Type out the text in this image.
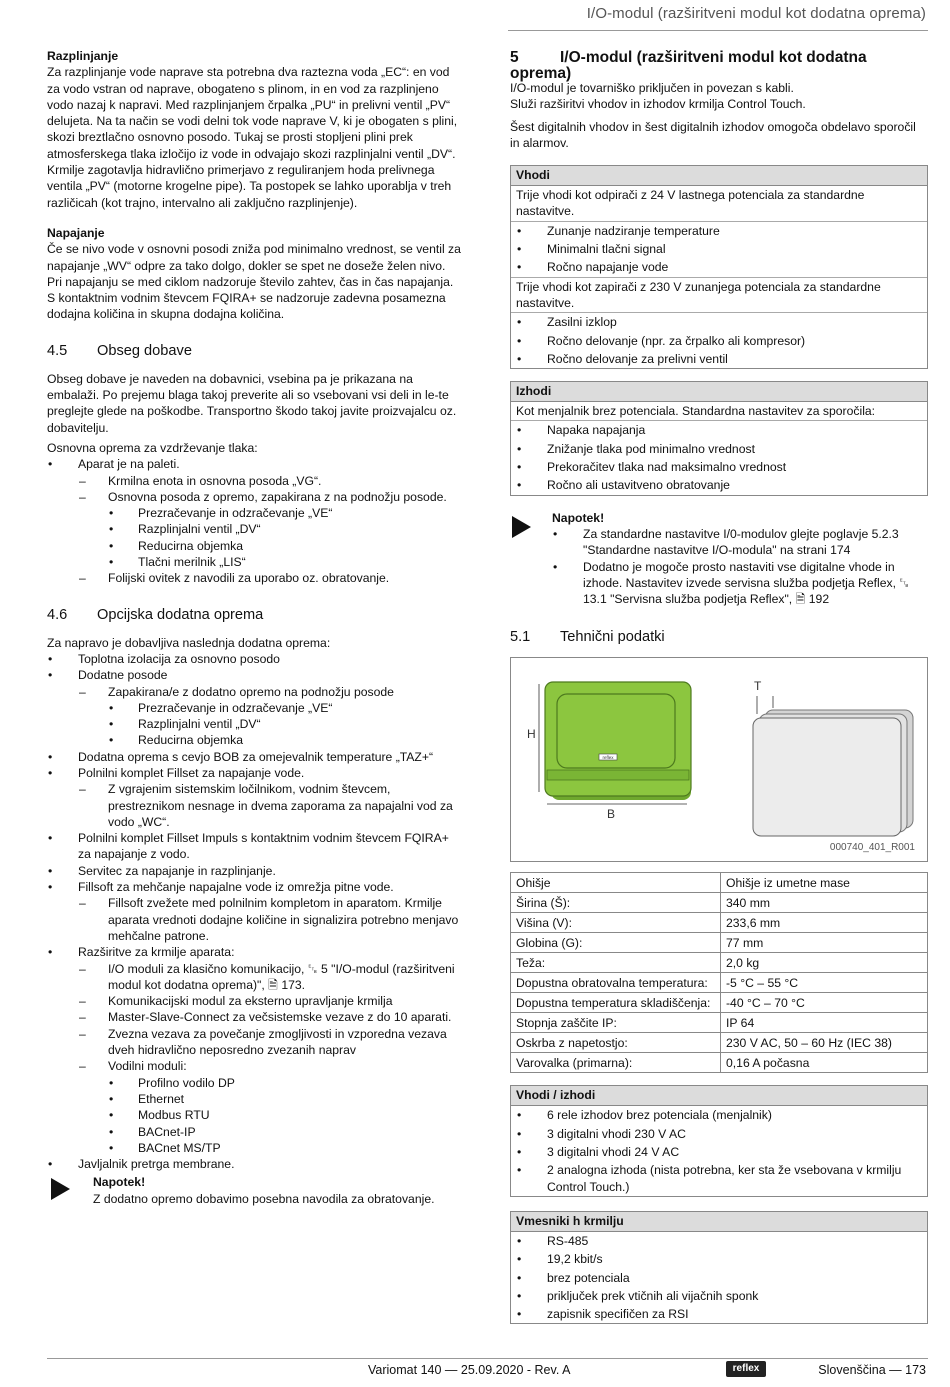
I/O-modul (razširitveni modul kot dodatna oprema)

Razplinjanje

Za razplinjanje vode naprave sta potrebna dva raztezna voda „EC“: en vod za vodo vstran od naprave, obogateno s plinom, in en vod za razplinjeno vodo nazaj k napravi. Med razplinjanjem črpalka „PU“ in prelivni ventil „PV“ delujeta. Na ta način se vodi delni tok vode naprave V, ki je obogaten s plini, skozi breztlačno osnovno posodo. Tukaj se prosti stopljeni plini prek atmosferskega tlaka izločijo iz vode in odvajajo skozi razplinjalni ventil „DV“. Krmilje zagotavlja hidravlično primerjavo z reguliranjem hoda prelivnega ventila „PV“ (motorne krogelne pipe). Ta postopek se lahko uporablja v treh različicah (kot trajno, intervalno ali zaključno razplinjenje).

Napajanje

Če se nivo vode v osnovni posodi zniža pod minimalno vrednost, se ventil za napajanje „WV“ odpre za tako dolgo, dokler se spet ne doseže želen nivo. Pri napajanju se med ciklom nadzoruje število zahtev, čas in čas napajanja. S kontaktnim vodnim števcem FQIRA+ se nadzoruje zadevna posamezna dodajna količina in skupna dodajna količina.

4.5 Obseg dobave

Obseg dobave je naveden na dobavnici, vsebina pa je prikazana na embalaži. Po prejemu blaga takoj preverite ali so vsebovani vsi deli in le-te preglejte glede na poškodbe. Transportno škodo takoj javite proizvajalcu oz. dobavitelju.

Osnovna oprema za vzdrževanje tlaka:

• Aparat je na paleti.
– Krmilna enota in osnovna posoda „VG“.
– Osnovna posoda z opremo, zapakirana z na podnožju posode.
• Prezračevanje in odzračevanje „VE“
• Razplinjalni ventil „DV“
• Reducirna objemka
• Tlačni merilnik „LIS“
– Folijski ovitek z navodili za uporabo oz. obratovanje.
4.6 Opcijska dodatna oprema

Za napravo je dobavljiva naslednja dodatna oprema:

• Toplotna izolacija za osnovno posodo
• Dodatne posode
– Zapakirana/e z dodatno opremo na podnožju posode
• Prezračevanje in odzračevanje „VE“
• Razplinjalni ventil „DV“
• Reducirna objemka
• Dodatna oprema s cevjo BOB za omejevalnik temperature „TAZ+“
• Polnilni komplet Fillset za napajanje vode.
– Z vgrajenim sistemskim ločilnikom, vodnim števcem, prestreznikom nesnage in dvema zaporama za napajalni vod za vodo „WC“.
• Polnilni komplet Fillset Impuls s kontaktnim vodnim števcem FQIRA+ za napajanje z vodo.
• Servitec za napajanje in razplinjanje.
• Fillsoft za mehčanje napajalne vode iz omrežja pitne vode.
– Fillsoft zvežete med polnilnim kompletom in aparatom. Krmilje aparata vrednoti dodajne količine in signalizira potrebno menjavo mehčalne patrone.
• Razširitve za krmilje aparata:
– I/O moduli za klasično komunikacijo, ␗ 5 "I/O-modul (razširitveni modul kot dodatna oprema)", 🗎 173.
– Komunikacijski modul za eksterno upravljanje krmilja
– Master-Slave-Connect za večsistemske vezave z do 10 aparati.
– Zvezna vezava za povečanje zmogljivosti in vzporedna vezava dveh hidravlično neposredno zvezanih naprav
– Vodilni moduli:
• Profilno vodilo DP
• Ethernet
• Modbus RTU
• BACnet-IP
• BACnet MS/TP
• Javljalnik pretrga membrane.

Napotek!

Z dodatno opremo dobavimo posebna navodila za obratovanje.

5	I/O-modul (razširitveni modul kot dodatna oprema)

I/O-modul je tovarniško priključen in povezan s kabli.
Služi razširitvi vhodov in izhodov krmilja Control Touch.

Šest digitalnih vhodov in šest digitalnih izhodov omogoča obdelavo sporočil in alarmov.

Vhodi
Trije vhodi kot odpirači z 24 V lastnega potenciala za standardne nastavitve.
• Zunanje nadziranje temperature
• Minimalni tlačni signal
• Ročno napajanje vode
Trije vhodi kot zapirači z 230 V zunanjega potenciala za standardne nastavitve.
• Zasilni izklop
• Ročno delovanje (npr. za črpalko ali kompresor)
• Ročno delovanje za prelivni ventil
Izhodi
Kot menjalnik brez potenciala. Standardna nastavitev za sporočila:
• Napaka napajanja
• Znižanje tlaka pod minimalno vrednost
• Prekoračitev tlaka nad maksimalno vrednost
• Ročno ali ustavitveno obratovanje

Napotek!

• Za standardne nastavitve I/0-modulov glejte poglavje 5.2.3 "Standardne nastavitve I/O-modula" na strani 174
• Dodatno je mogoče prosto nastaviti vse digitalne vhode in izhode. Nastavitev izvede servisna služba podjetja Reflex, ␗ 13.1 "Servisna služba podjetja Reflex", 🗎 192
5.1 Tehnični podatki
reflex
H
B
T
000740_401_R001
Ohišje	Ohišje iz umetne mase
Širina (Š):	340 mm
Višina (V):	233,6 mm
Globina (G):	77 mm
Teža:	2,0 kg
Dopustna obratovalna temperatura:	-5 °C – 55 °C
Dopustna temperatura skladiščenja:	-40 °C – 70 °C
Stopnja zaščite IP:	IP 64
Oskrba z napetostjo:	230 V AC, 50 – 60 Hz (IEC 38)
Varovalka (primarna):	0,16 A počasna
Vhodi / izhodi
• 6 rele izhodov brez potenciala (menjalnik)
• 3 digitalni vhodi 230 V AC
• 3 digitalni vhodi 24 V AC
• 2 analogna izhoda (nista potrebna, ker sta že vsebovana v krmilju Control Touch.)
Vmesniki h krmilju
• RS-485
• 19,2 kbit/s
• brez potenciala
• priključek prek vtičnih ali vijačnih sponk
• zapisnik specifičen za RSI
Variomat 140 — 25.09.2020 - Rev. A	reflex	Slovenščina — 173
